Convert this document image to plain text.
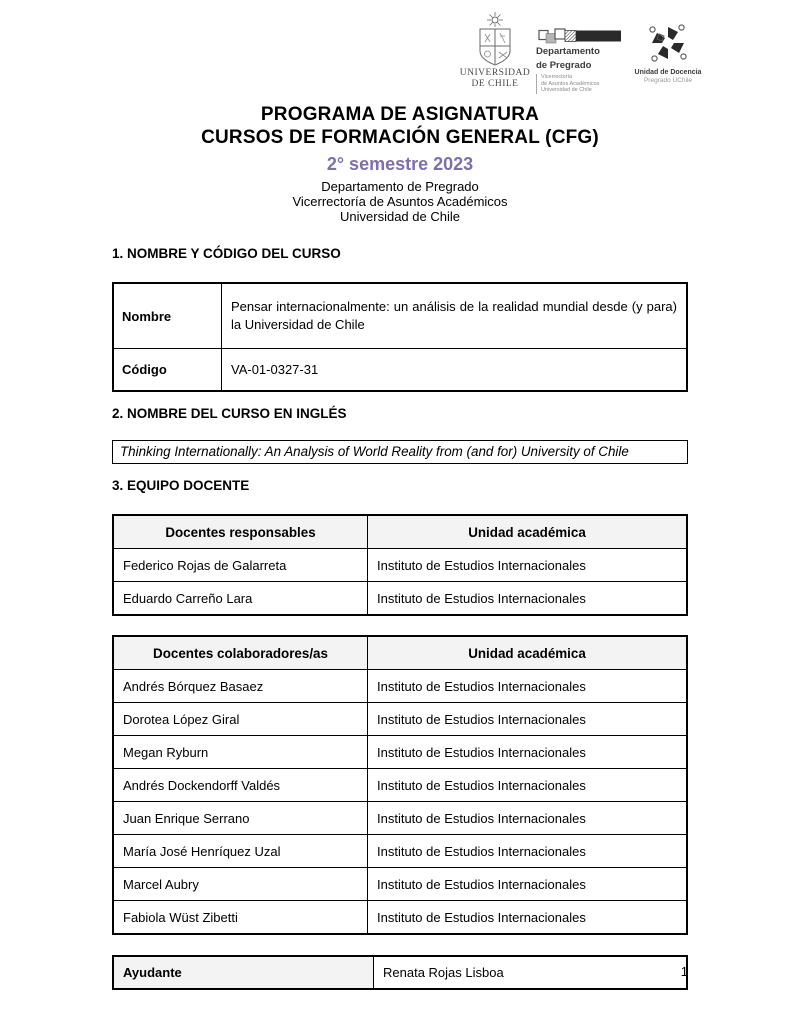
UNIVERSIDAD
DE CHILE
Departamento
de Pregrado
Vicerrectoría
de Asuntos Académicos
Universidad de Chile
Unidad de Docencia
Pregrado UChile
PROGRAMA DE ASIGNATURA
CURSOS DE FORMACIÓN GENERAL (CFG)
2° semestre 2023
Departamento de Pregrado
Vicerrectoría de Asuntos Académicos
Universidad de Chile
1. NOMBRE Y CÓDIGO DEL CURSO
Nombre	Pensar internacionalmente: un análisis de la realidad mundial desde (y para) la Universidad de Chile
Código	VA-01-0327-31
2. NOMBRE DEL CURSO EN INGLÉS
Thinking Internationally: An Analysis of World Reality from (and for) University of Chile
3. EQUIPO DOCENTE
Docentes responsables	Unidad académica
Federico Rojas de Galarreta	Instituto de Estudios Internacionales
Eduardo Carreño Lara	Instituto de Estudios Internacionales
Docentes colaboradores/as	Unidad académica
Andrés Bórquez Basaez	Instituto de Estudios Internacionales
Dorotea López Giral	Instituto de Estudios Internacionales
Megan Ryburn	Instituto de Estudios Internacionales
Andrés Dockendorff Valdés	Instituto de Estudios Internacionales
Juan Enrique Serrano	Instituto de Estudios Internacionales
María José Henríquez Uzal	Instituto de Estudios Internacionales
Marcel Aubry	Instituto de Estudios Internacionales
Fabiola Wüst Zibetti	Instituto de Estudios Internacionales
Ayudante	Renata Rojas Lisboa	1
